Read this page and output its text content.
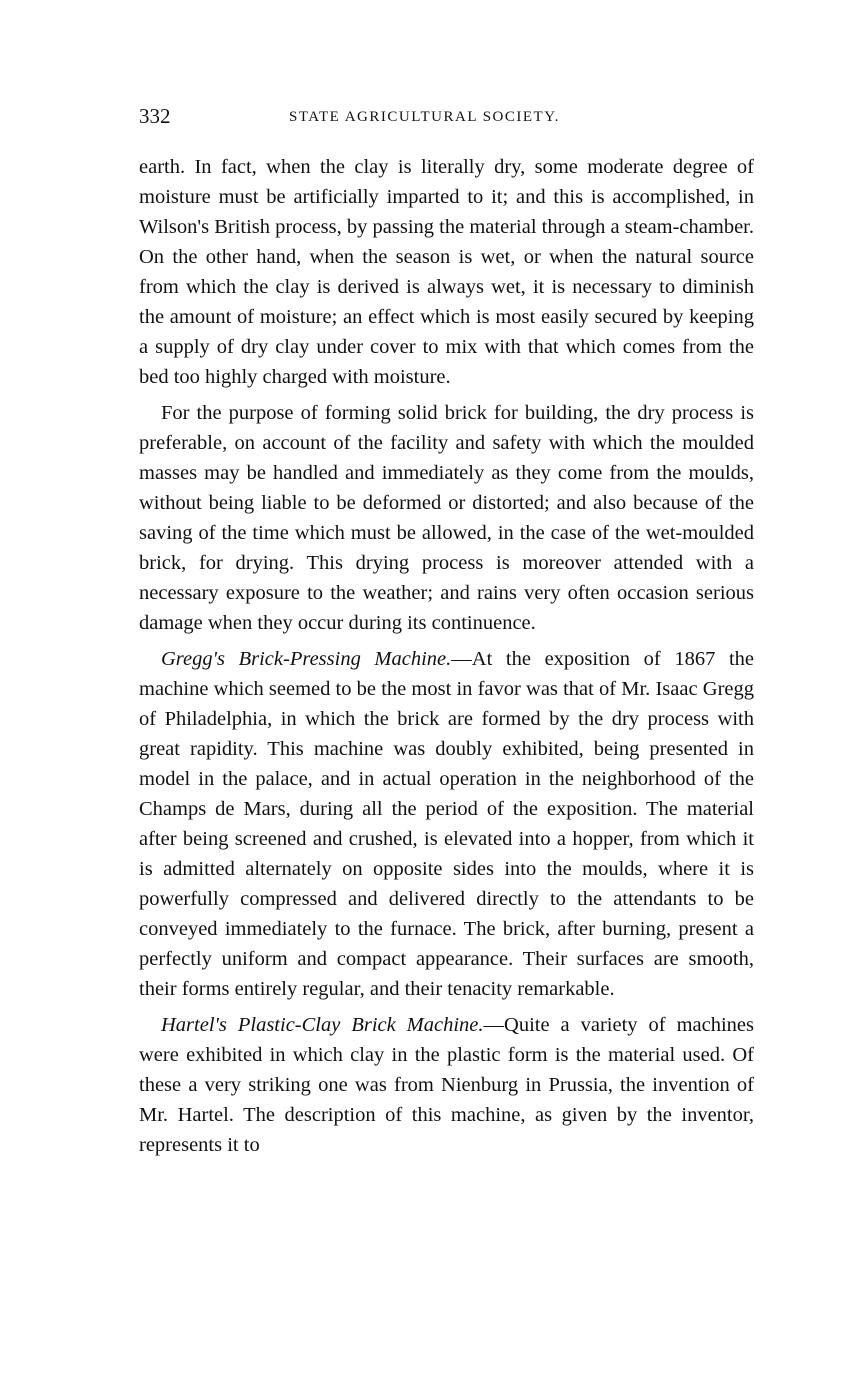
332	STATE AGRICULTURAL SOCIETY.

earth. In fact, when the clay is literally dry, some moderate degree of moisture must be artificially imparted to it; and this is accomplished, in Wilson's British process, by passing the material through a steam-chamber. On the other hand, when the season is wet, or when the natural source from which the clay is derived is always wet, it is necessary to diminish the amount of moisture; an effect which is most easily secured by keeping a supply of dry clay under cover to mix with that which comes from the bed too highly charged with moisture.

For the purpose of forming solid brick for building, the dry process is preferable, on account of the facility and safety with which the moulded masses may be handled and immediately as they come from the moulds, without being liable to be deformed or distorted; and also because of the saving of the time which must be allowed, in the case of the wet-moulded brick, for drying. This drying process is moreover attended with a necessary exposure to the weather; and rains very often occasion serious damage when they occur during its continuence.

Gregg's Brick-Pressing Machine.—At the exposition of 1867 the machine which seemed to be the most in favor was that of Mr. Isaac Gregg of Philadelphia, in which the brick are formed by the dry process with great rapidity. This machine was doubly exhibited, being presented in model in the palace, and in actual operation in the neighborhood of the Champs de Mars, during all the period of the exposition. The material after being screened and crushed, is elevated into a hopper, from which it is admitted alternately on opposite sides into the moulds, where it is powerfully compressed and delivered directly to the attendants to be conveyed immediately to the furnace. The brick, after burning, present a perfectly uniform and compact appearance. Their surfaces are smooth, their forms entirely regular, and their tenacity remarkable.

Hartel's Plastic-Clay Brick Machine.—Quite a variety of machines were exhibited in which clay in the plastic form is the material used. Of these a very striking one was from Nienburg in Prussia, the invention of Mr. Hartel. The description of this machine, as given by the inventor, represents it to
